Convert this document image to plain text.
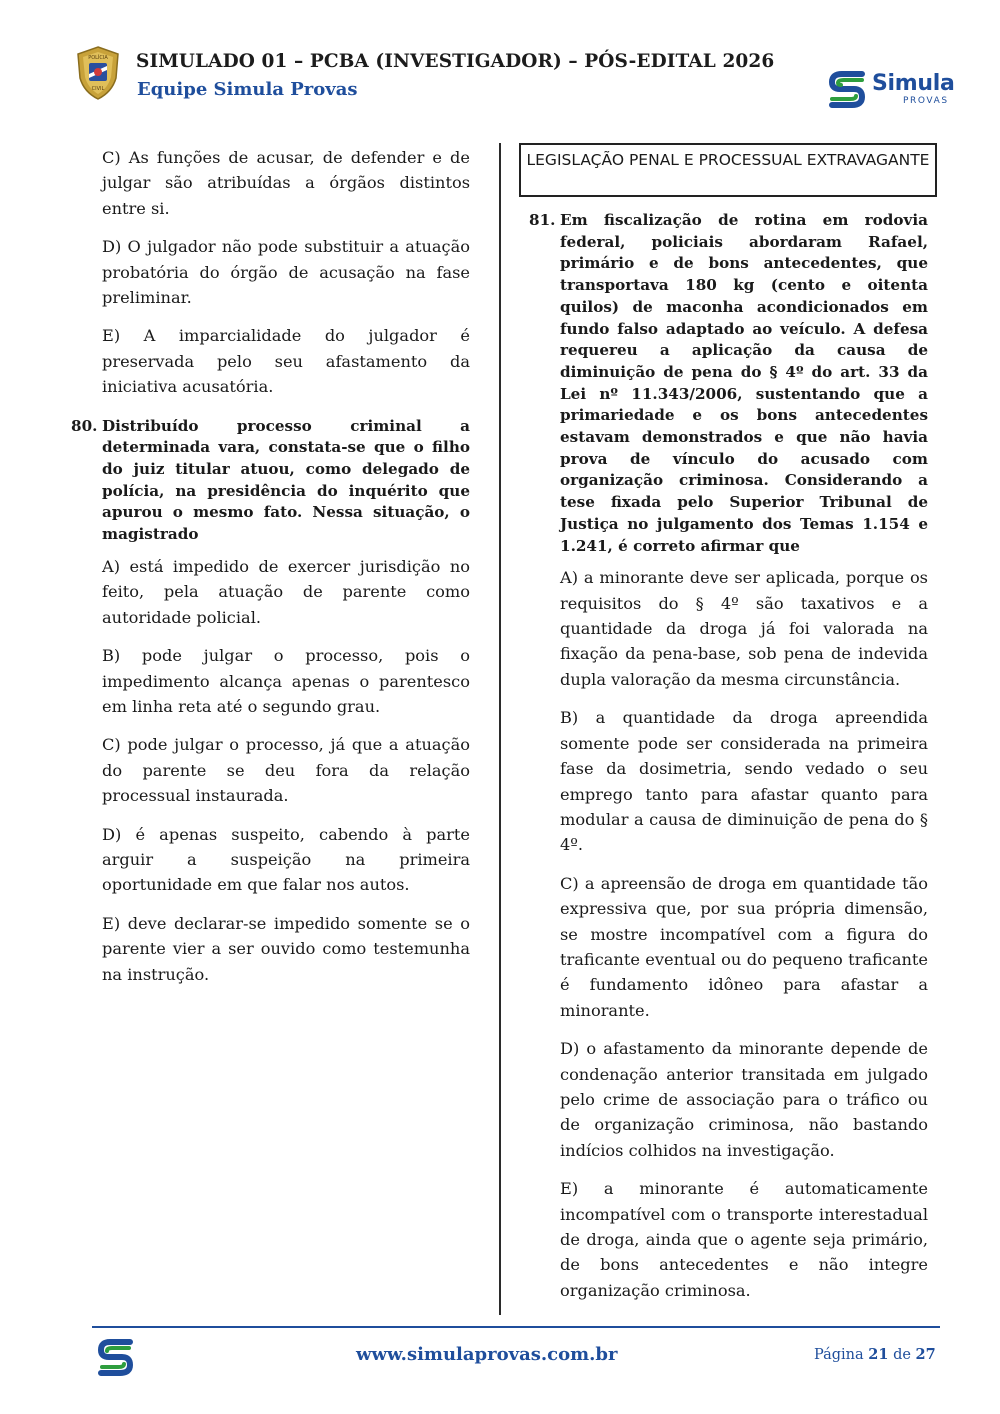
POLÍCIA
CIVIL
SIMULADO 01 – PCBA (INVESTIGADOR) – PÓS-EDITAL 2026
Equipe Simula Provas	Simula
PROVAS

C) As funções de acusar, de defender e de julgar são atribuídas a órgãos distintos entre si.

D) O julgador não pode substituir a atuação probatória do órgão de acusação na fase preliminar.

E) A imparcialidade do julgador é preservada pelo seu afastamento da iniciativa acusatória.

80. Distribuído processo criminal a determinada vara, constata-se que o filho do juiz titular atuou, como delegado de polícia, na presidência do inquérito que apurou o mesmo fato. Nessa situação, o magistrado

A) está impedido de exercer jurisdição no feito, pela atuação de parente como autoridade policial.

B) pode julgar o processo, pois o impedimento alcança apenas o parentesco em linha reta até o segundo grau.

C) pode julgar o processo, já que a atuação do parente se deu fora da relação processual instaurada.

D) é apenas suspeito, cabendo à parte arguir a suspeição na primeira oportunidade em que falar nos autos.

E) deve declarar-se impedido somente se o parente vier a ser ouvido como testemunha na instrução.

LEGISLAÇÃO PENAL E PROCESSUAL EXTRAVAGANTE
81. Em fiscalização de rotina em rodovia federal, policiais abordaram Rafael, primário e de bons antecedentes, que transportava 180 kg (cento e oitenta quilos) de maconha acondicionados em fundo falso adaptado ao veículo. A defesa requereu a aplicação da causa de diminuição de pena do § 4º do art. 33 da Lei nº 11.343/2006, sustentando que a primariedade e os bons antecedentes estavam demonstrados e que não havia prova de vínculo do acusado com organização criminosa. Considerando a tese fixada pelo Superior Tribunal de Justiça no julgamento dos Temas 1.154 e 1.241, é correto afirmar que

A) a minorante deve ser aplicada, porque os requisitos do § 4º são taxativos e a quantidade da droga já foi valorada na fixação da pena-base, sob pena de indevida dupla valoração da mesma circunstância.

B) a quantidade da droga apreendida somente pode ser considerada na primeira fase da dosimetria, sendo vedado o seu emprego tanto para afastar quanto para modular a causa de diminuição de pena do § 4º.

C) a apreensão de droga em quantidade tão expressiva que, por sua própria dimensão, se mostre incompatível com a figura do traficante eventual ou do pequeno traficante é fundamento idôneo para afastar a minorante.

D) o afastamento da minorante depende de condenação anterior transitada em julgado pelo crime de associação para o tráfico ou de organização criminosa, não bastando indícios colhidos na investigação.

E) a minorante é automaticamente incompatível com o transporte interestadual de droga, ainda que o agente seja primário, de bons antecedentes e não integre organização criminosa.

www.simulaprovas.com.br	Página 21 de 27
